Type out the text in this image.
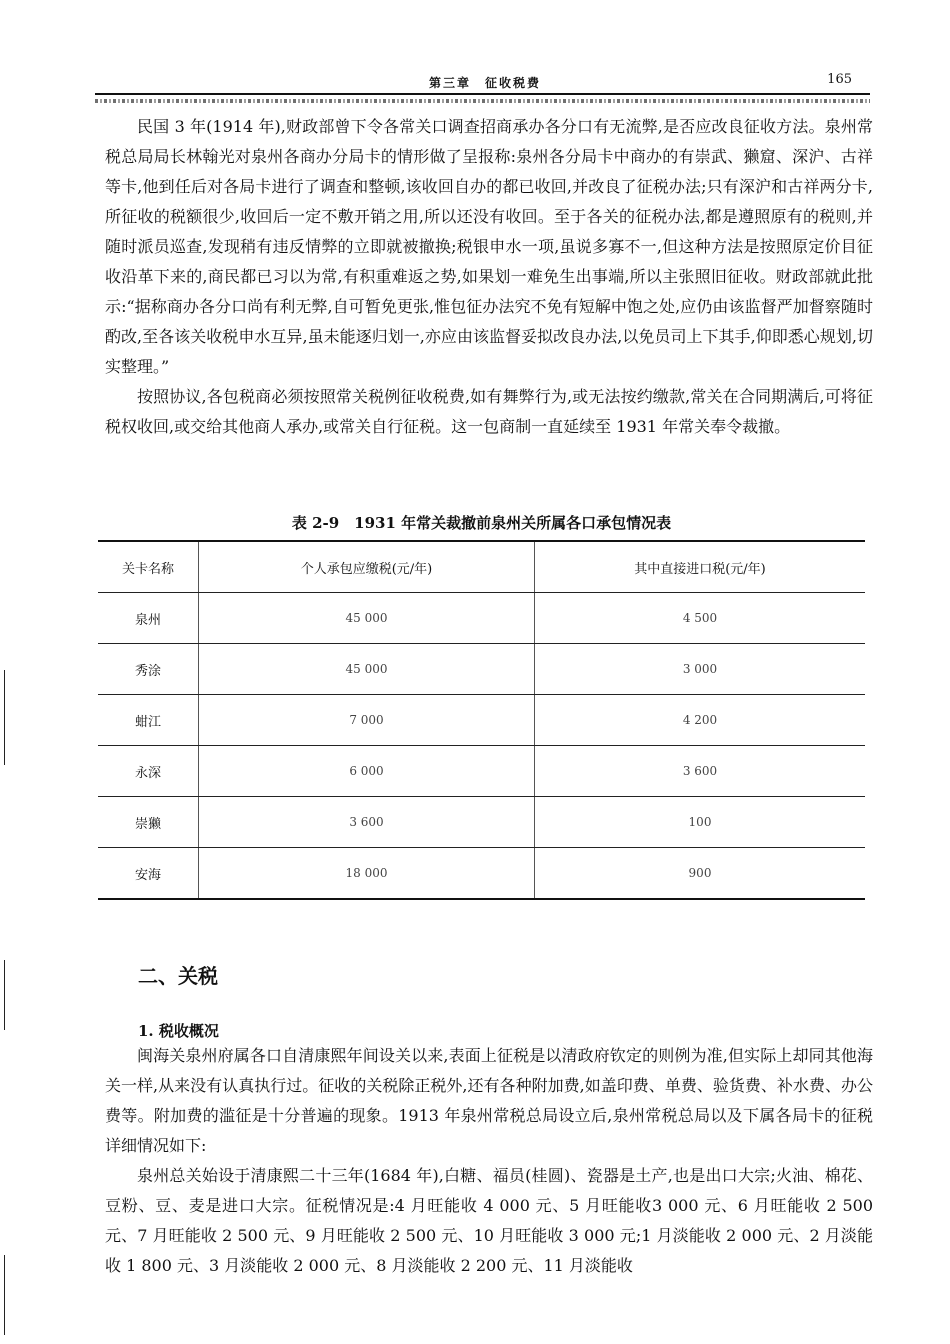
第三章　征收税费	165

民国 3 年(1914 年),财政部曾下令各常关口调查招商承办各分口有无流弊,是否应改良征收方法。泉州常税总局局长林翰光对泉州各商办分局卡的情形做了呈报称:泉州各分局卡中商办的有崇武、獭窟、深沪、古祥等卡,他到任后对各局卡进行了调查和整顿,该收回自办的都已收回,并改良了征税办法;只有深沪和古祥两分卡,所征收的税额很少,收回后一定不敷开销之用,所以还没有收回。至于各关的征税办法,都是遵照原有的税则,并随时派员巡查,发现稍有违反情弊的立即就被撤换;税银申水一项,虽说多寡不一,但这种方法是按照原定价目征收沿革下来的,商民都已习以为常,有积重难返之势,如果划一难免生出事端,所以主张照旧征收。财政部就此批示:“据称商办各分口尚有利无弊,自可暂免更张,惟包征办法究不免有短解中饱之处,应仍由该监督严加督察随时酌改,至各该关收税申水互异,虽未能逐归划一,亦应由该监督妥拟改良办法,以免员司上下其手,仰即悉心规划,切实整理。”

按照协议,各包税商必须按照常关税例征收税费,如有舞弊行为,或无法按约缴款,常关在合同期满后,可将征税权收回,或交给其他商人承办,或常关自行征税。这一包商制一直延续至 1931 年常关奉令裁撤。

表 2-9　1931 年常关裁撤前泉州关所属各口承包情况表
关卡名称	个人承包应缴税(元/年)	其中直接进口税(元/年)
泉州	45 000	4 500
秀涂	45 000	3 000
蚶江	7 000	4 200
永深	6 000	3 600
崇獭	3 600	100
安海	18 000	900
二、关税
1. 税收概况

闽海关泉州府属各口自清康熙年间设关以来,表面上征税是以清政府钦定的则例为准,但实际上却同其他海关一样,从来没有认真执行过。征收的关税除正税外,还有各种附加费,如盖印费、单费、验货费、补水费、办公费等。附加费的滥征是十分普遍的现象。1913 年泉州常税总局设立后,泉州常税总局以及下属各局卡的征税详细情况如下:

泉州总关始设于清康熙二十三年(1684 年),白糖、福员(桂圆)、瓷器是土产,也是出口大宗;火油、棉花、豆粉、豆、麦是进口大宗。征税情况是:4 月旺能收 4 000 元、5 月旺能收3 000 元、6 月旺能收 2 500 元、7 月旺能收 2 500 元、9 月旺能收 2 500 元、10 月旺能收 3 000 元;1 月淡能收 2 000 元、2 月淡能收 1 800 元、3 月淡能收 2 000 元、8 月淡能收 2 200 元、11 月淡能收
